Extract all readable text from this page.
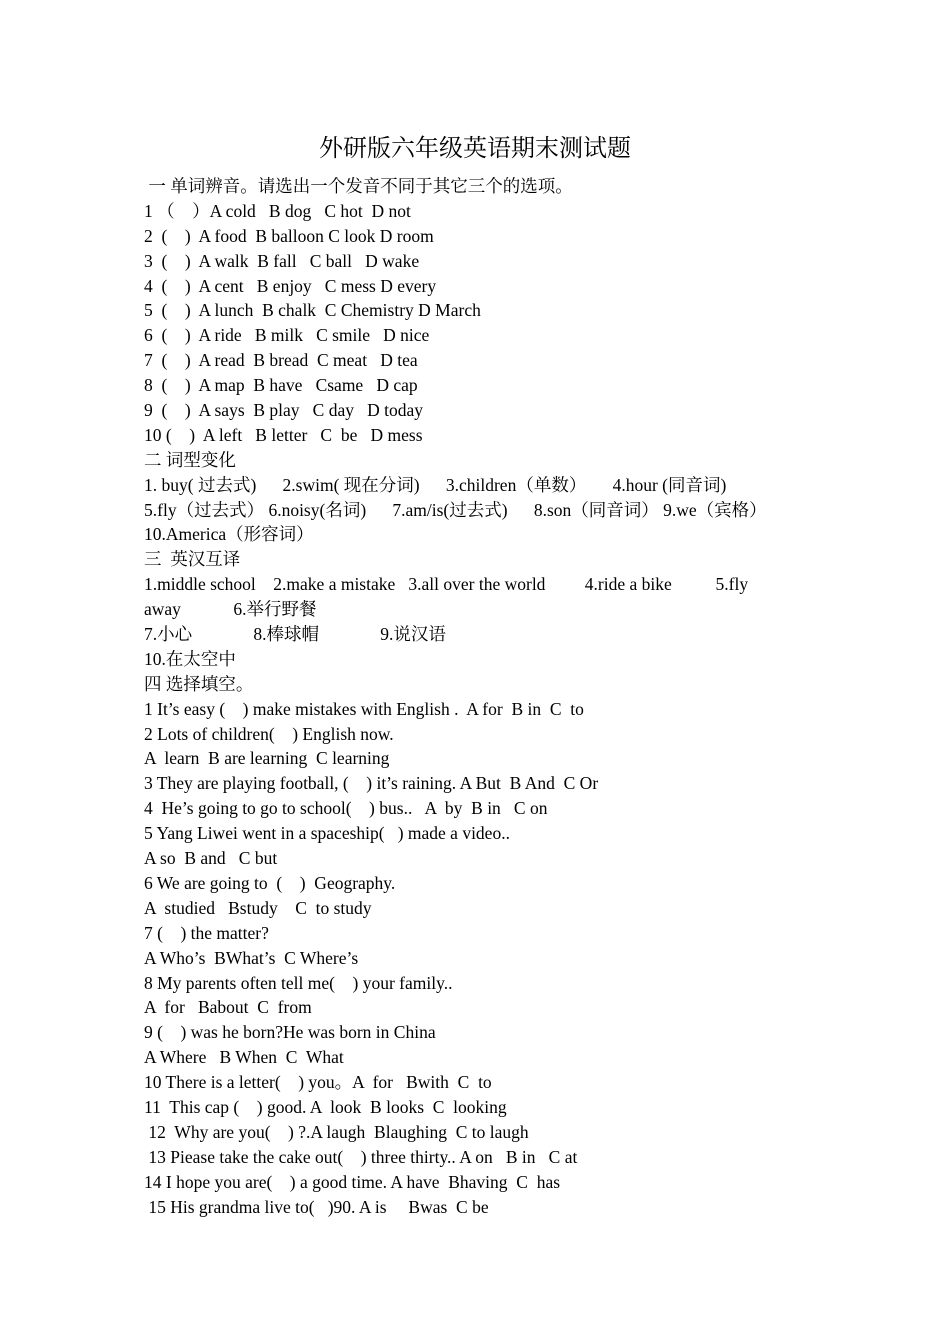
外研版六年级英语期末测试题
一 单词辨音。请选出一个发音不同于其它三个的选项。
1 （    ）A cold   B dog   C hot  D not
2  (    )  A food  B balloon C look D room
3  (    )  A walk  B fall   C ball   D wake
4  (    )  A cent   B enjoy   C mess D every
5  (    )  A lunch  B chalk  C Chemistry D March
6  (    )  A ride   B milk   C smile   D nice
7  (    )  A read  B bread  C meat   D tea
8  (    )  A map  B have   Csame   D cap
9  (    )  A says  B play   C day   D today
10 (    )  A left   B letter   C  be   D mess
二 词型变化
1. buy( 过去式)      2.swim( 现在分词)      3.children（单数）      4.hour (同音词)
5.fly（过去式） 6.noisy(名词)      7.am/is(过去式)      8.son（同音词） 9.we（宾格）
10.America（形容词）
三  英汉互译
1.middle school    2.make a mistake   3.all over the world         4.ride a bike          5.fly
away            6.举行野餐
7.小心              8.棒球帽              9.说汉语
10.在太空中
四 选择填空。
1 It’s easy (    ) make mistakes with English .  A for  B in  C  to
2 Lots of children(    ) English now.
A  learn  B are learning  C learning
3 They are playing football, (    ) it’s raining. A But  B And  C Or
4  He’s going to go to school(    ) bus..   A  by  B in   C on
5 Yang Liwei went in a spaceship(   ) made a video..
A so  B and   C but
6 We are going to  (    )  Geography.
A  studied   Bstudy    C  to study
7 (    ) the matter?
A Who’s  BWhat’s  C Where’s
8 My parents often tell me(    ) your family..
A  for   Babout  C  from
9 (    ) was he born?He was born in China
A Where   B When  C  What
10 There is a letter(    ) you。A  for   Bwith  C  to
11  This cap (    ) good. A  look  B looks  C  looking
12  Why are you(    ) ?.A laugh  Blaughing  C to laugh
13 Piease take the cake out(    ) three thirty.. A on   B in   C at
14 I hope you are(    ) a good time. A have  Bhaving  C  has
15 His grandma live to(   )90. A is     Bwas  C be
